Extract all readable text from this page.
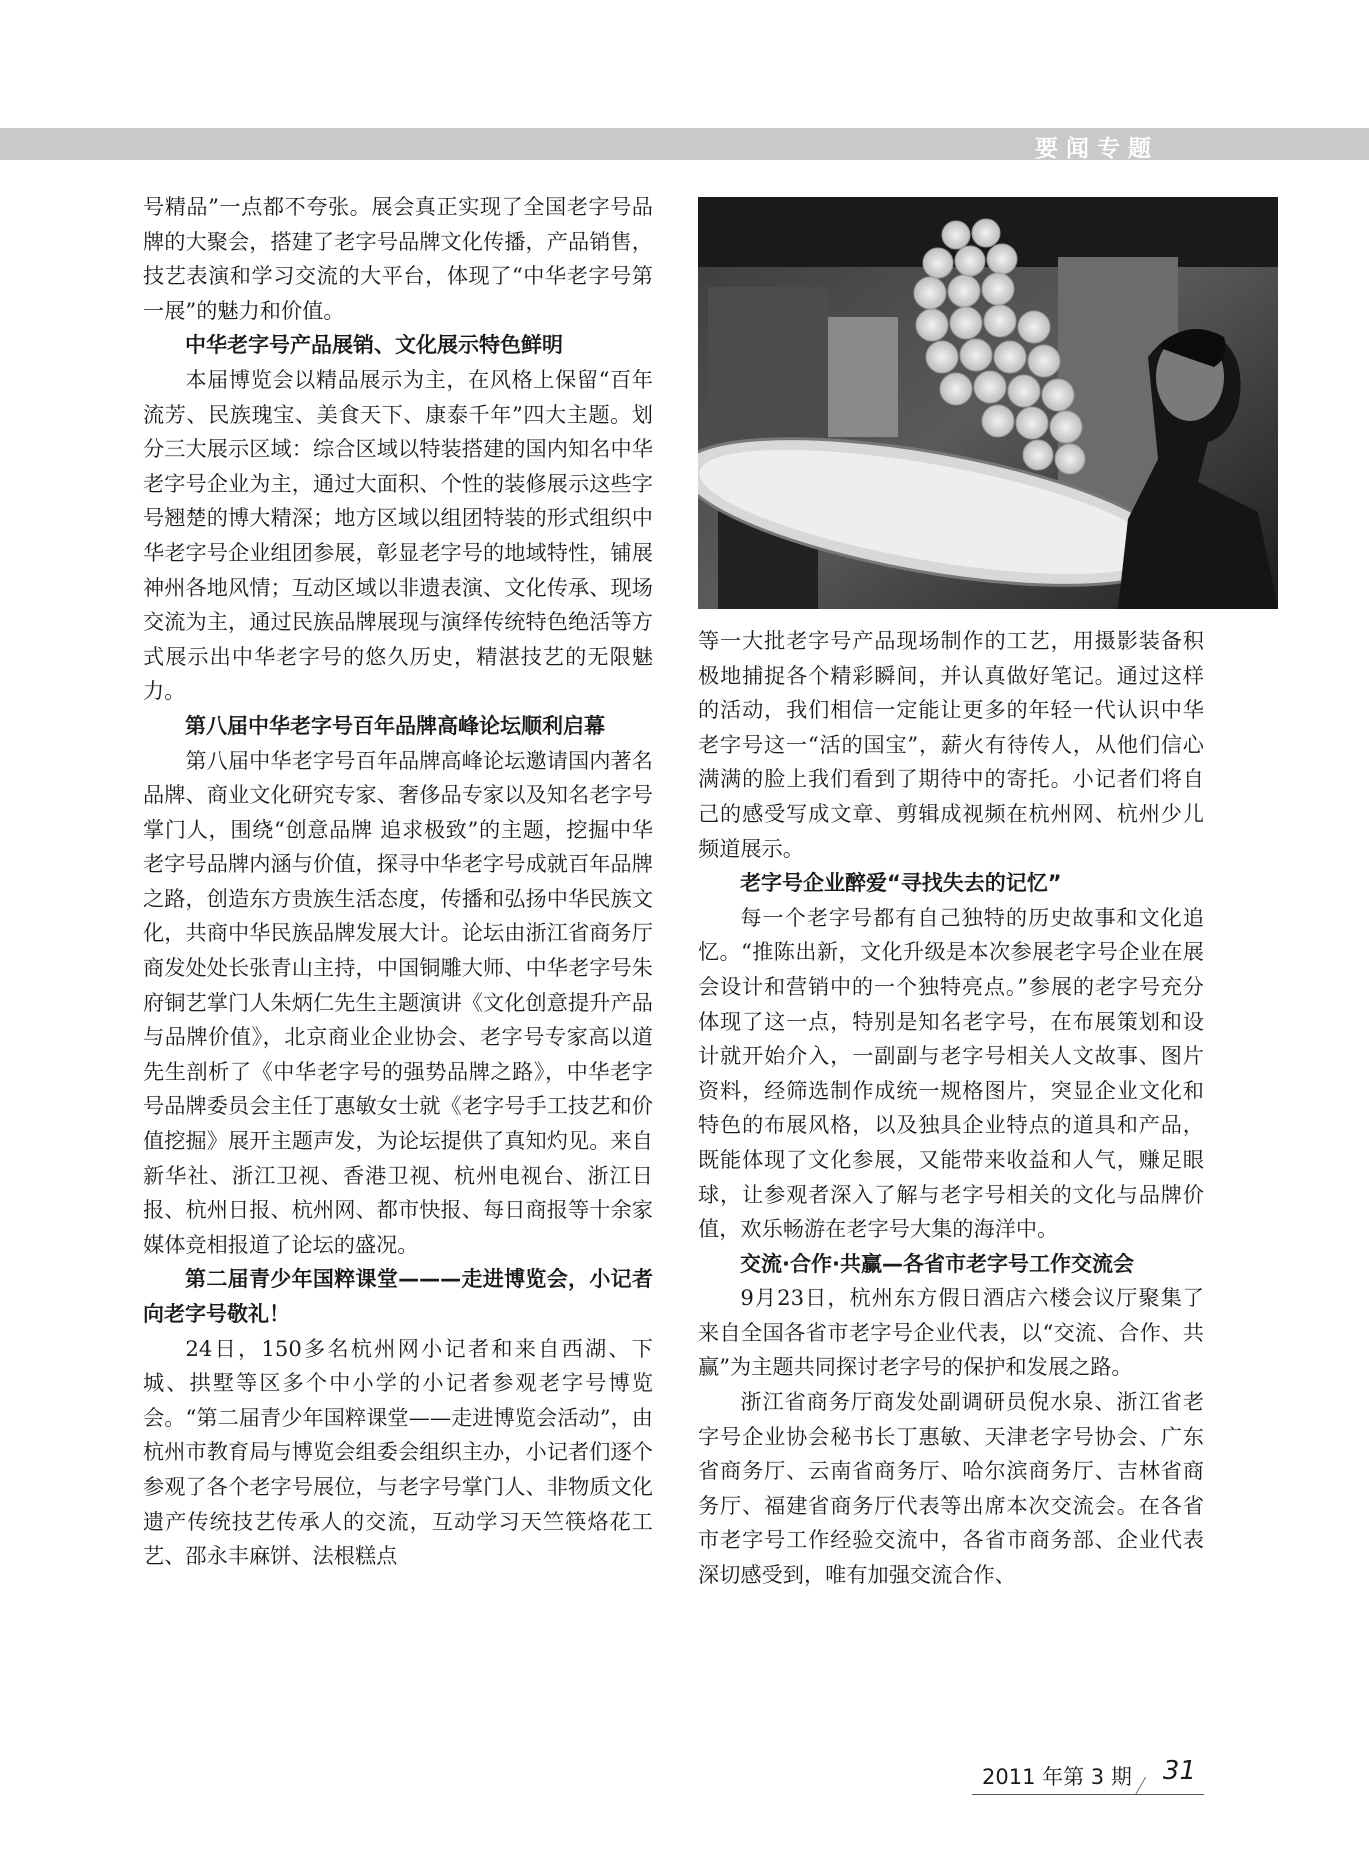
要闻专题

号精品”一点都不夸张。展会真正实现了全国老字号品牌的大聚会，搭建了老字号品牌文化传播，产品销售，技艺表演和学习交流的大平台，体现了“中华老字号第一展”的魅力和价值。

中华老字号产品展销、文化展示特色鲜明

本届博览会以精品展示为主，在风格上保留“百年流芳、民族瑰宝、美食天下、康泰千年”四大主题。划分三大展示区域：综合区域以特装搭建的国内知名中华老字号企业为主，通过大面积、个性的装修展示这些字号翘楚的博大精深；地方区域以组团特装的形式组织中华老字号企业组团参展，彰显老字号的地域特性，铺展神州各地风情；互动区域以非遗表演、文化传承、现场交流为主，通过民族品牌展现与演绎传统特色绝活等方式展示出中华老字号的悠久历史，精湛技艺的无限魅力。

第八届中华老字号百年品牌高峰论坛顺利启幕

第八届中华老字号百年品牌高峰论坛邀请国内著名品牌、商业文化研究专家、奢侈品专家以及知名老字号掌门人，围绕“创意品牌 追求极致”的主题，挖掘中华老字号品牌内涵与价值，探寻中华老字号成就百年品牌之路，创造东方贵族生活态度，传播和弘扬中华民族文化，共商中华民族品牌发展大计。论坛由浙江省商务厅商发处处长张青山主持，中国铜雕大师、中华老字号朱府铜艺掌门人朱炳仁先生主题演讲《文化创意提升产品与品牌价值》，北京商业企业协会、老字号专家高以道先生剖析了《中华老字号的强势品牌之路》，中华老字号品牌委员会主任丁惠敏女士就《老字号手工技艺和价值挖掘》展开主题声发，为论坛提供了真知灼见。来自新华社、浙江卫视、香港卫视、杭州电视台、浙江日报、杭州日报、杭州网、都市快报、每日商报等十余家媒体竞相报道了论坛的盛况。

第二届青少年国粹课堂———走进博览会，小记者向老字号敬礼！

24日，150多名杭州网小记者和来自西湖、下城、拱墅等区多个中小学的小记者参观老字号博览会。“第二届青少年国粹课堂——走进博览会活动”，由杭州市教育局与博览会组委会组织主办，小记者们逐个参观了各个老字号展位，与老字号掌门人、非物质文化遗产传统技艺传承人的交流，互动学习天竺筷烙花工艺、邵永丰麻饼、法根糕点

等一大批老字号产品现场制作的工艺，用摄影装备积极地捕捉各个精彩瞬间，并认真做好笔记。通过这样的活动，我们相信一定能让更多的年轻一代认识中华老字号这一“活的国宝”，薪火有待传人，从他们信心满满的脸上我们看到了期待中的寄托。小记者们将自己的感受写成文章、剪辑成视频在杭州网、杭州少儿频道展示。

老字号企业醉爱“寻找失去的记忆”

每一个老字号都有自己独特的历史故事和文化追忆。“推陈出新，文化升级是本次参展老字号企业在展会设计和营销中的一个独特亮点。”参展的老字号充分体现了这一点，特别是知名老字号，在布展策划和设计就开始介入，一副副与老字号相关人文故事、图片资料，经筛选制作成统一规格图片，突显企业文化和特色的布展风格，以及独具企业特点的道具和产品，既能体现了文化参展，又能带来收益和人气，赚足眼球，让参观者深入了解与老字号相关的文化与品牌价值，欢乐畅游在老字号大集的海洋中。

交流·合作·共赢—各省市老字号工作交流会

9月23日，杭州东方假日酒店六楼会议厅聚集了来自全国各省市老字号企业代表，以“交流、合作、共赢”为主题共同探讨老字号的保护和发展之路。

浙江省商务厅商发处副调研员倪水泉、浙江省老字号企业协会秘书长丁惠敏、天津老字号协会、广东省商务厅、云南省商务厅、哈尔滨商务厅、吉林省商务厅、福建省商务厅代表等出席本次交流会。在各省市老字号工作经验交流中，各省市商务部、企业代表深切感受到，唯有加强交流合作、

2011 年第 3 期 31
